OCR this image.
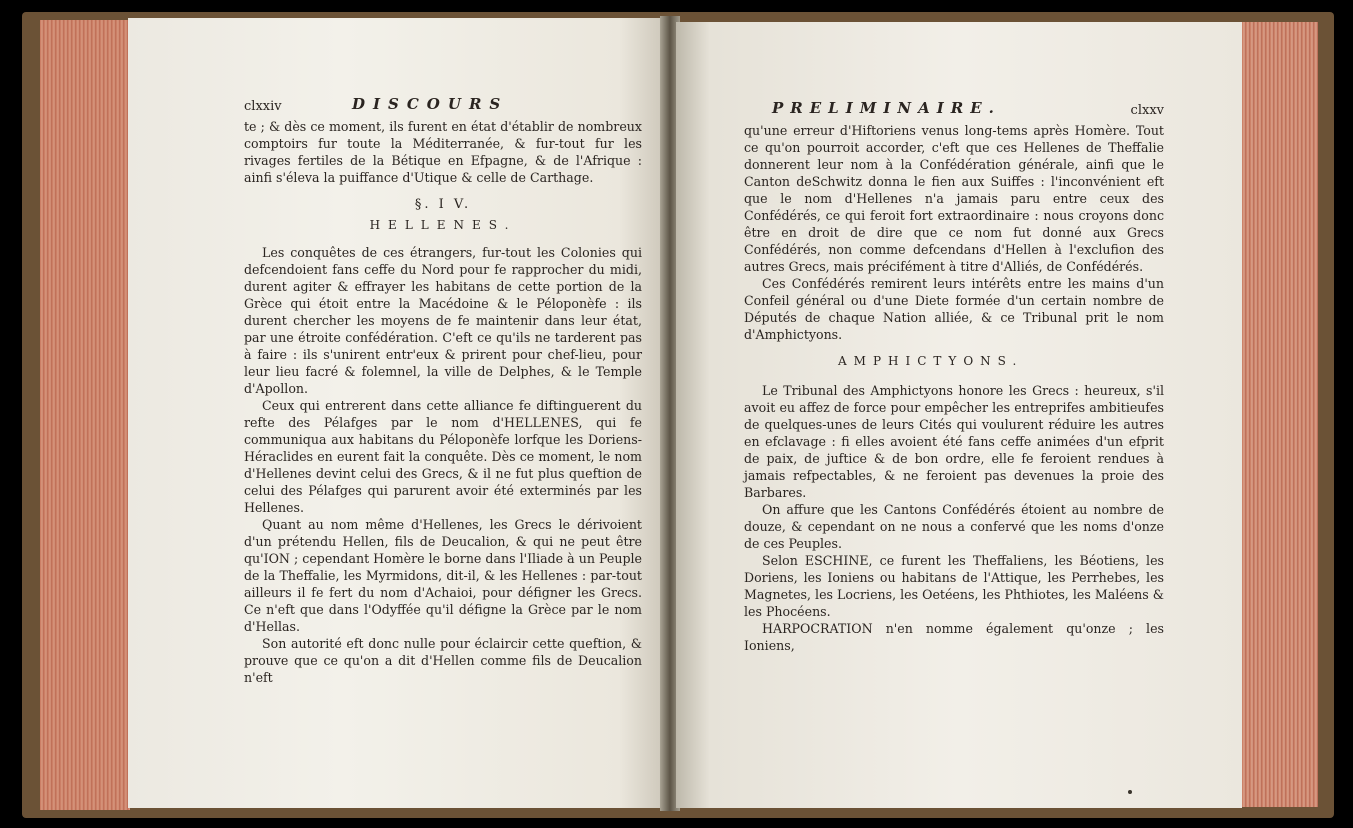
clxxiv	DISCOURS

te ; & dès ce moment, ils furent en état d'établir de nombreux comptoirs fur toute la Méditerranée, & fur-tout fur les rivages fertiles de la Bétique en Efpagne, & de l'Afrique : ainfi s'éleva la puiffance d'Utique & celle de Carthage.

§. I V.
HELLENES.

Les conquêtes de ces étrangers, fur-tout les Colonies qui defcendoient fans ceffe du Nord pour fe rapprocher du midi, durent agiter & effrayer les habitans de cette portion de la Grèce qui étoit entre la Macédoine & le Péloponèfe : ils durent chercher les moyens de fe maintenir dans leur état, par une étroite confédération. C'eft ce qu'ils ne tarderent pas à faire : ils s'unirent entr'eux & prirent pour chef-lieu, pour leur lieu facré & folemnel, la ville de Delphes, & le Temple d'Apollon.

Ceux qui entrerent dans cette alliance fe diftinguerent du refte des Pélafges par le nom d'HELLENES, qui fe communiqua aux habitans du Péloponèfe lorfque les Doriens-Héraclides en eurent fait la conquête. Dès ce moment, le nom d'Hellenes devint celui des Grecs, & il ne fut plus queftion de celui des Pélafges qui parurent avoir été exterminés par les Hellenes.

Quant au nom même d'Hellenes, les Grecs le dérivoient d'un prétendu Hellen, fils de Deucalion, & qui ne peut être qu'ION ; cependant Homère le borne dans l'Iliade à un Peuple de la Theffalie, les Myrmidons, dit-il, & les Hellenes : par-tout ailleurs il fe fert du nom d'Achaioi, pour défigner les Grecs. Ce n'eft que dans l'Odyffée qu'il défigne la Grèce par le nom d'Hellas.

Son autorité eft donc nulle pour éclaircir cette queftion, & prouve que ce qu'on a dit d'Hellen comme fils de Deucalion n'eft

PRELIMINAIRE.	clxxv

qu'une erreur d'Hiftoriens venus long-tems après Homère. Tout ce qu'on pourroit accorder, c'eft que ces Hellenes de Theffalie donnerent leur nom à la Confédération générale, ainfi que le Canton deSchwitz donna le fien aux Suiffes : l'inconvénient eft que le nom d'Hellenes n'a jamais paru entre ceux des Confédérés, ce qui feroit fort extraordinaire : nous croyons donc être en droit de dire que ce nom fut donné aux Grecs Confédérés, non comme defcendans d'Hellen à l'exclufion des autres Grecs, mais précifément à titre d'Alliés, de Confédérés.

Ces Confédérés remirent leurs intérêts entre les mains d'un Confeil général ou d'une Diete formée d'un certain nombre de Députés de chaque Nation alliée, & ce Tribunal prit le nom d'Amphictyons.

AMPHICTYONS.

Le Tribunal des Amphictyons honore les Grecs : heureux, s'il avoit eu affez de force pour empêcher les entreprifes ambitieufes de quelques-unes de leurs Cités qui voulurent réduire les autres en efclavage : fi elles avoient été fans ceffe animées d'un efprit de paix, de juftice & de bon ordre, elle fe feroient rendues à jamais refpectables, & ne feroient pas devenues la proie des Barbares.

On affure que les Cantons Confédérés étoient au nombre de douze, & cependant on ne nous a confervé que les noms d'onze de ces Peuples.

Selon ESCHINE, ce furent les Theffaliens, les Béotiens, les Doriens, les Ioniens ou habitans de l'Attique, les Perrhebes, les Magnetes, les Locriens, les Oetéens, les Phthiotes, les Maléens & les Phocéens.

HARPOCRATION n'en nomme également qu'onze ; les Ioniens,
